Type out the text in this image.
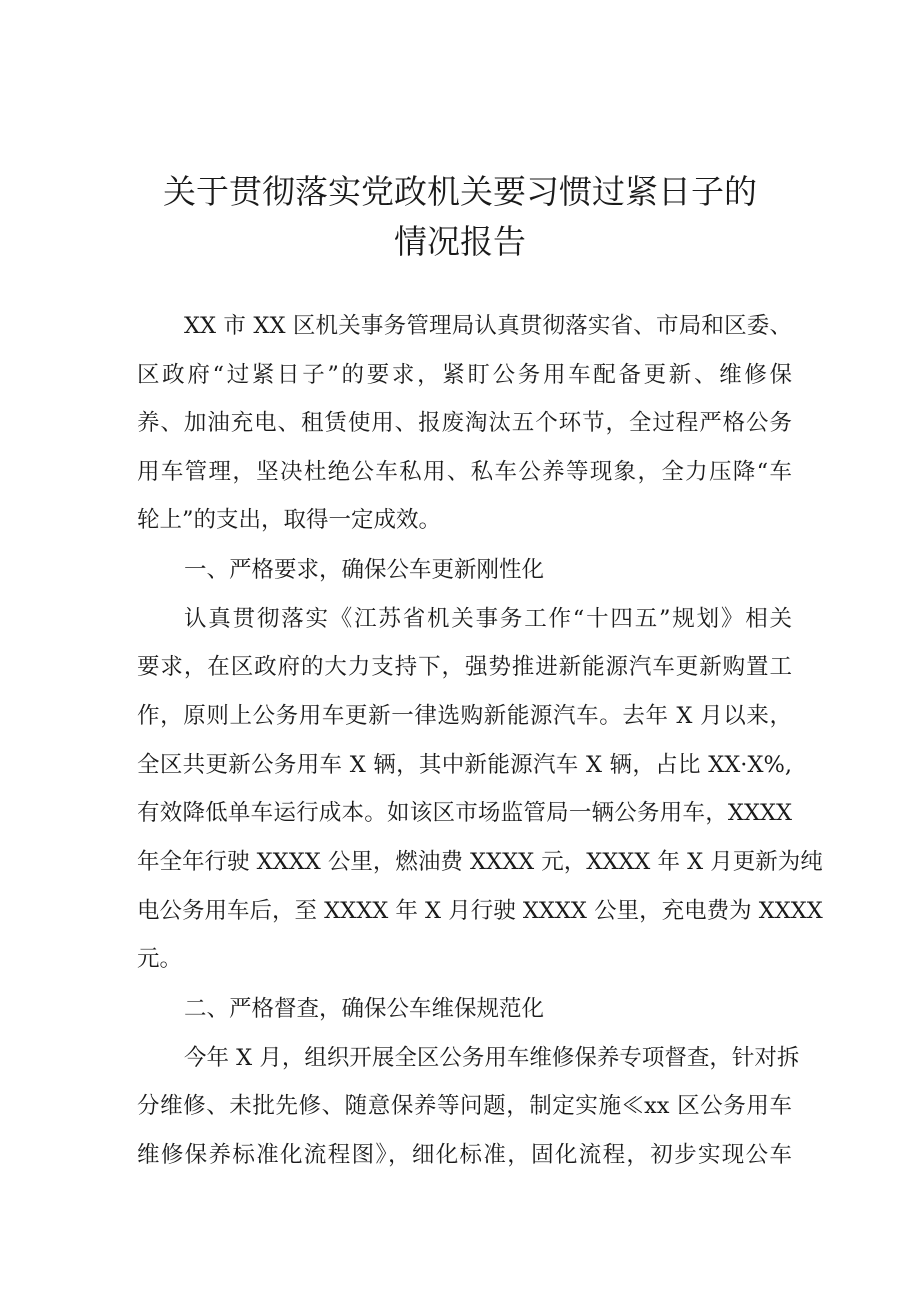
关于贯彻落实党政机关要习惯过紧日子的
情况报告
XX 市 XX 区机关事务管理局认真贯彻落实省、市局和区委、
区政府“过紧日子”的要求，紧盯公务用车配备更新、维修保
养、加油充电、租赁使用、报废淘汰五个环节，全过程严格公务
用车管理，坚决杜绝公车私用、私车公养等现象，全力压降“车
轮上”的支出，取得一定成效。
一、严格要求，确保公车更新刚性化
认真贯彻落实《江苏省机关事务工作“十四五”规划》相关
要求，在区政府的大力支持下，强势推进新能源汽车更新购置工
作，原则上公务用车更新一律选购新能源汽车。去年 X 月以来，
全区共更新公务用车 X 辆，其中新能源汽车 X 辆，占比 XX·X%,
有效降低单车运行成本。如该区市场监管局一辆公务用车，XXXX
年全年行驶 XXXX 公里，燃油费 XXXX 元，XXXX 年 X 月更新为纯
电公务用车后，至 XXXX 年 X 月行驶 XXXX 公里，充电费为 XXXX
元。
二、严格督查，确保公车维保规范化
今年 X 月，组织开展全区公务用车维修保养专项督查，针对拆
分维修、未批先修、随意保养等问题，制定实施≪xx 区公务用车
维修保养标准化流程图》，细化标准，固化流程，初步实现公车
